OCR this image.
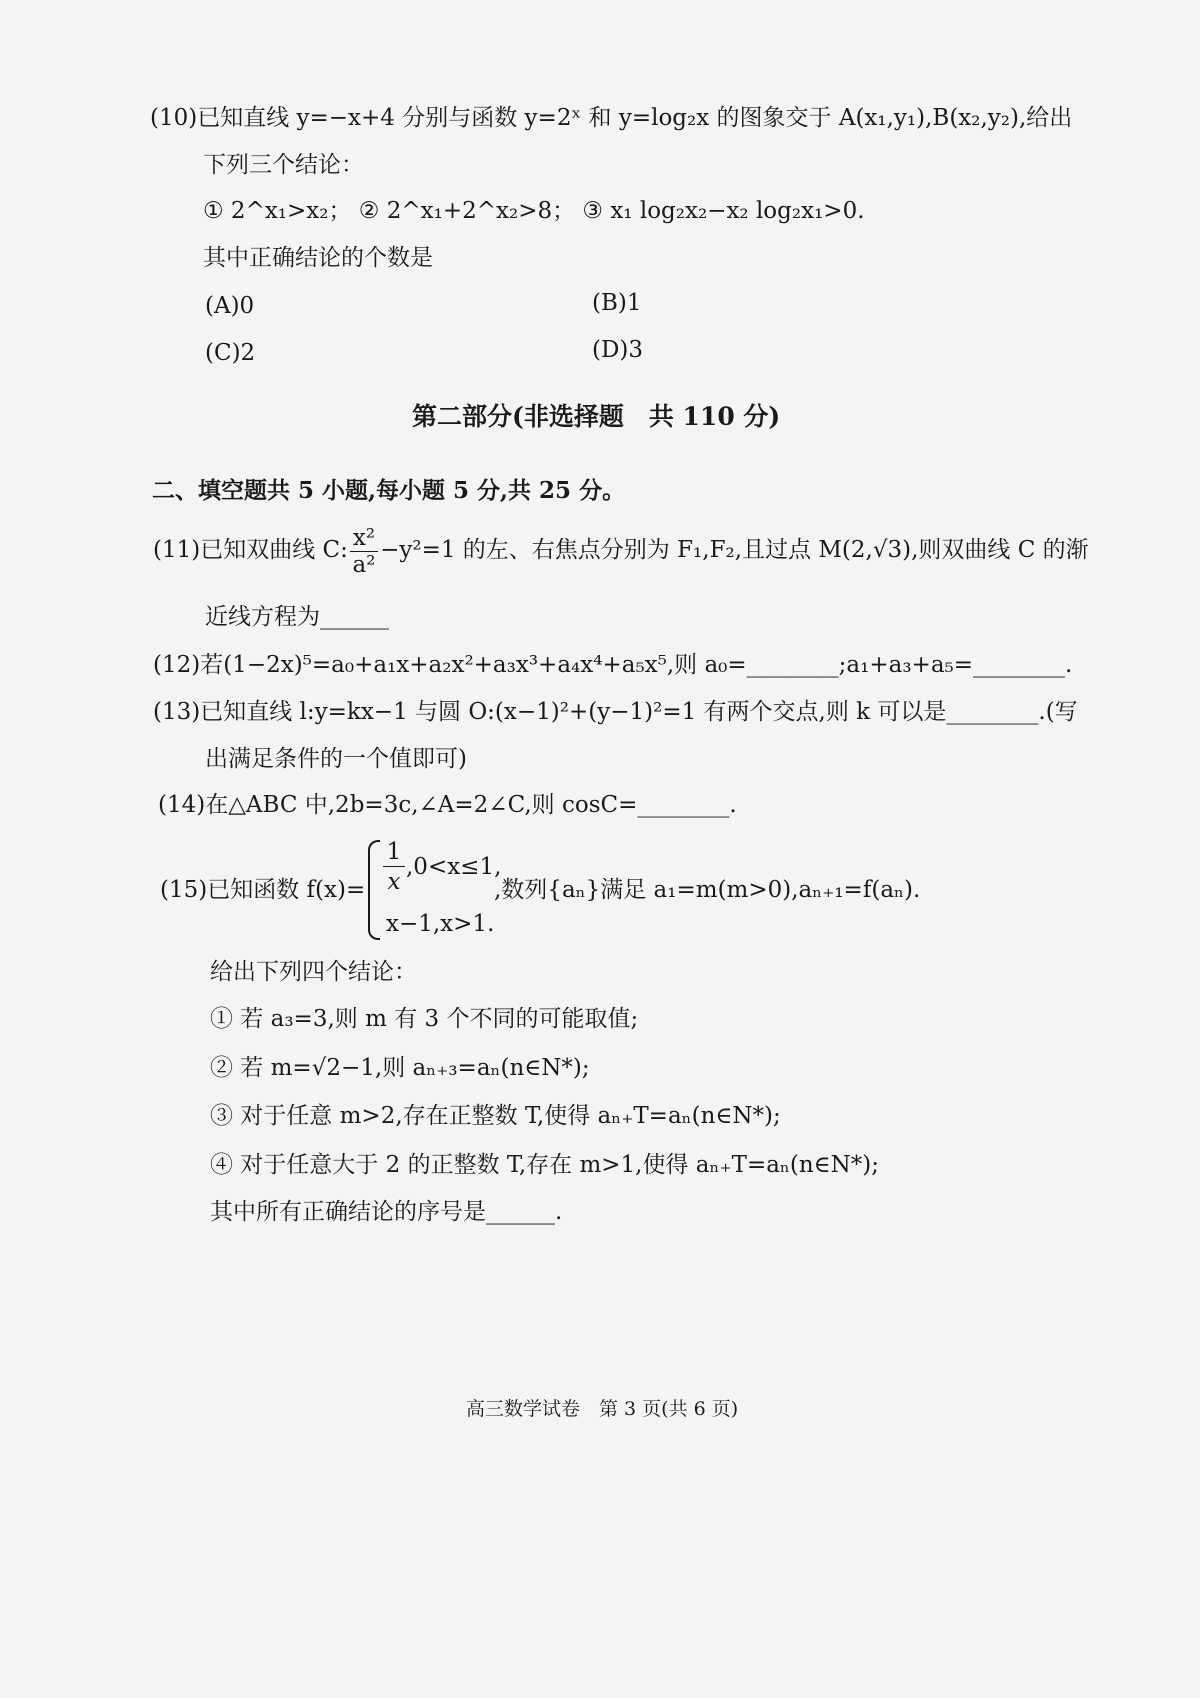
(10)已知直线 y=−x+4 分别与函数 y=2ˣ 和 y=log₂x 的图象交于 A(x₁,y₁),B(x₂,y₂),给出
下列三个结论：
① 2^x₁>x₂； ② 2^x₁+2^x₂>8； ③ x₁ log₂x₂−x₂ log₂x₁>0.
其中正确结论的个数是
(A)0	(B)1
(C)2	(D)3
第二部分(非选择题　共 110 分)
二、填空题共 5 小题,每小题 5 分,共 25 分。
(11)已知双曲线 C: $\frac{\text{x²}}{\text{a²}} -y^2=1$ 的左、右焦点分别为 F₁,F₂,且过点 M(2,√3),则双曲线 C 的渐
近线方程为______
(12)若(1−2x)⁵=a₀+a₁x+a₂x²+a₃x³+a₄x⁴+a₅x⁵,则 a₀=________;a₁+a₃+a₅=________.
(13)已知直线 l:y=kx−1 与圆 O:(x−1)²+(y−1)²=1 有两个交点,则 k 可以是________.(写
出满足条件的一个值即可)
(14)在△ABC 中,2b=3c,∠A=2∠C,则 cosC=________.
(15)已知函数 f(x)=
1
x
,0<x≤1,
x−1,x>1.
,数列{aₙ}满足 a₁=m(m>0),aₙ₊₁=f(aₙ).
给出下列四个结论：
① 若 a₃=3,则 m 有 3 个不同的可能取值;
② 若 m=√2−1,则 aₙ₊₃=aₙ(n∈N*);
③ 对于任意 m>2,存在正整数 T,使得 aₙ₊T=aₙ(n∈N*);
④ 对于任意大于 2 的正整数 T,存在 m>1,使得 aₙ₊T=aₙ(n∈N*);
其中所有正确结论的序号是______.
高三数学试卷　第 3 页(共 6 页)
